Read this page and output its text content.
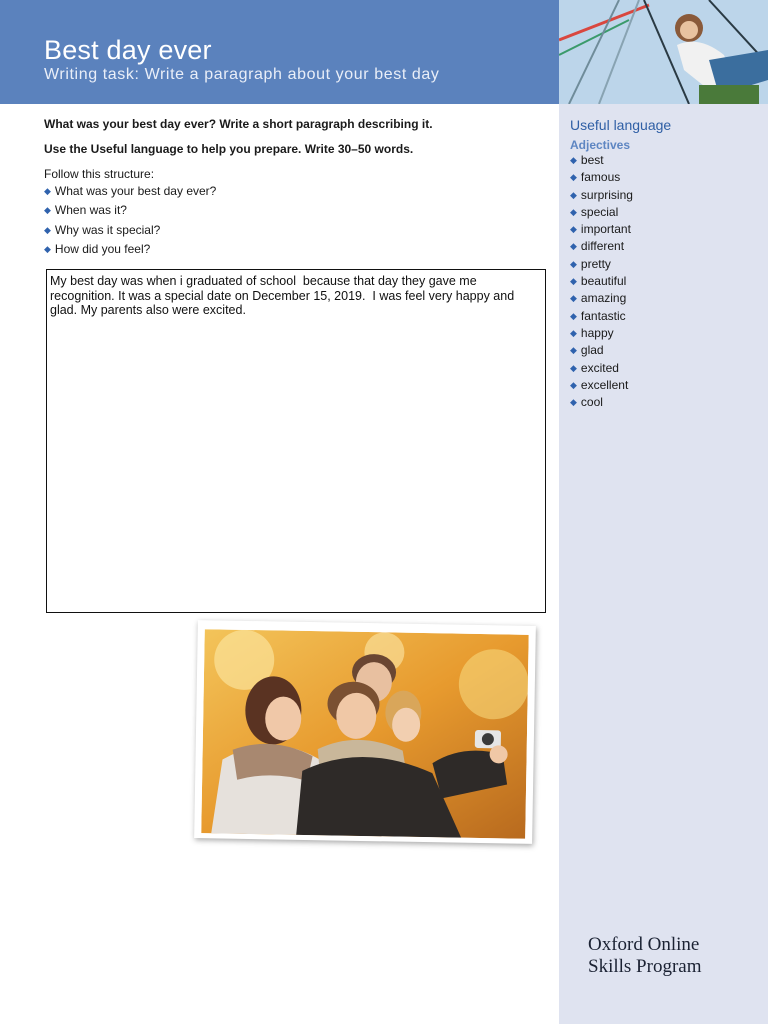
Best day ever
Writing task: Write a paragraph about your best day

What was your best day ever? Write a short paragraph describing it.

Use the Useful language to help you prepare. Write 30–50 words.

Follow this structure:
◆ What was your best day ever?
◆ When was it?
◆ Why was it special?
◆ How did you feel?
My best day was when i graduated of school  because that day they gave me recognition. It was a special date on December 15, 2019.  I was feel very happy and glad. My parents also were excited.
Useful language
Adjectives
◆ best
◆ famous
◆ surprising
◆ special
◆ important
◆ different
◆ pretty
◆ beautiful
◆ amazing
◆ fantastic
◆ happy
◆ glad
◆ excited
◆ excellent
◆ cool
Oxford Online
Skills Program
